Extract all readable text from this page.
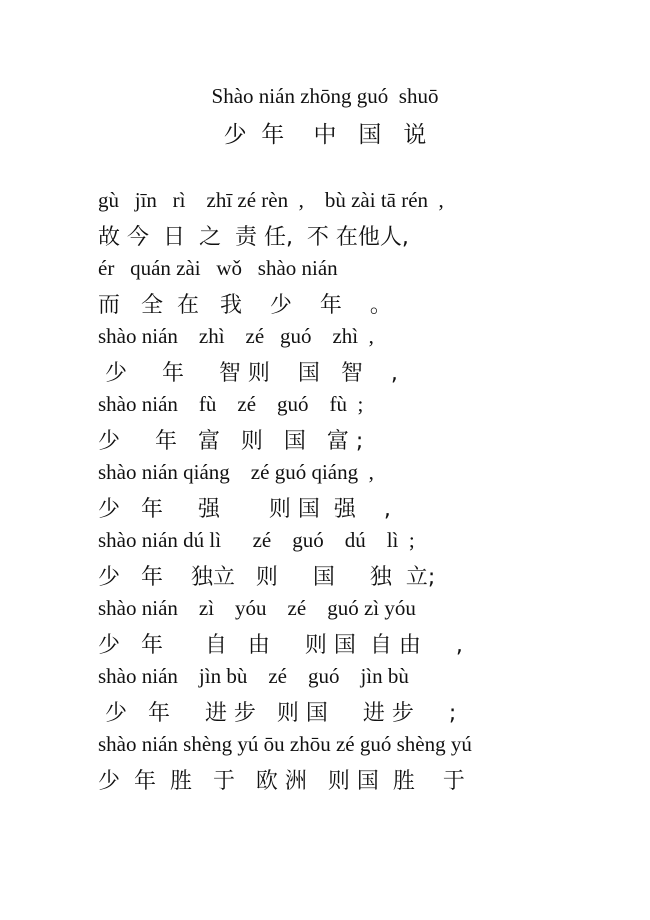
Shào nián zhōng guó  shuō
少  年    中   国   说
gù   jīn   rì    zhī zé rèn  ,    bù zài tā rén  ,
故 今  日  之  责 任,  不 在他人,
ér   quán zài   wǒ   shào nián
而   全  在   我    少    年    。
shào nián    zhì    zé   guó    zhì  ,
少     年     智 则    国   智    ,
shào nián    fù    zé    guó    fù  ;
少     年   富   则   国   富 ;
shào nián qiáng    zé guó qiáng  ,
少   年     强       则 国  强    ,
shào nián dú lì      zé    guó    dú    lì  ;
少   年    独立   则     国     独  立;
shào nián    zì    yóu    zé    guó zì yóu
少   年      自   由     则 国  自 由     ,
shào nián    jìn bù    zé    guó    jìn bù
少   年     进 步   则 国     进 步     ;
shào nián shèng yú ōu zhōu zé guó shèng yú
少  年  胜   于   欧 洲   则 国  胜    于
